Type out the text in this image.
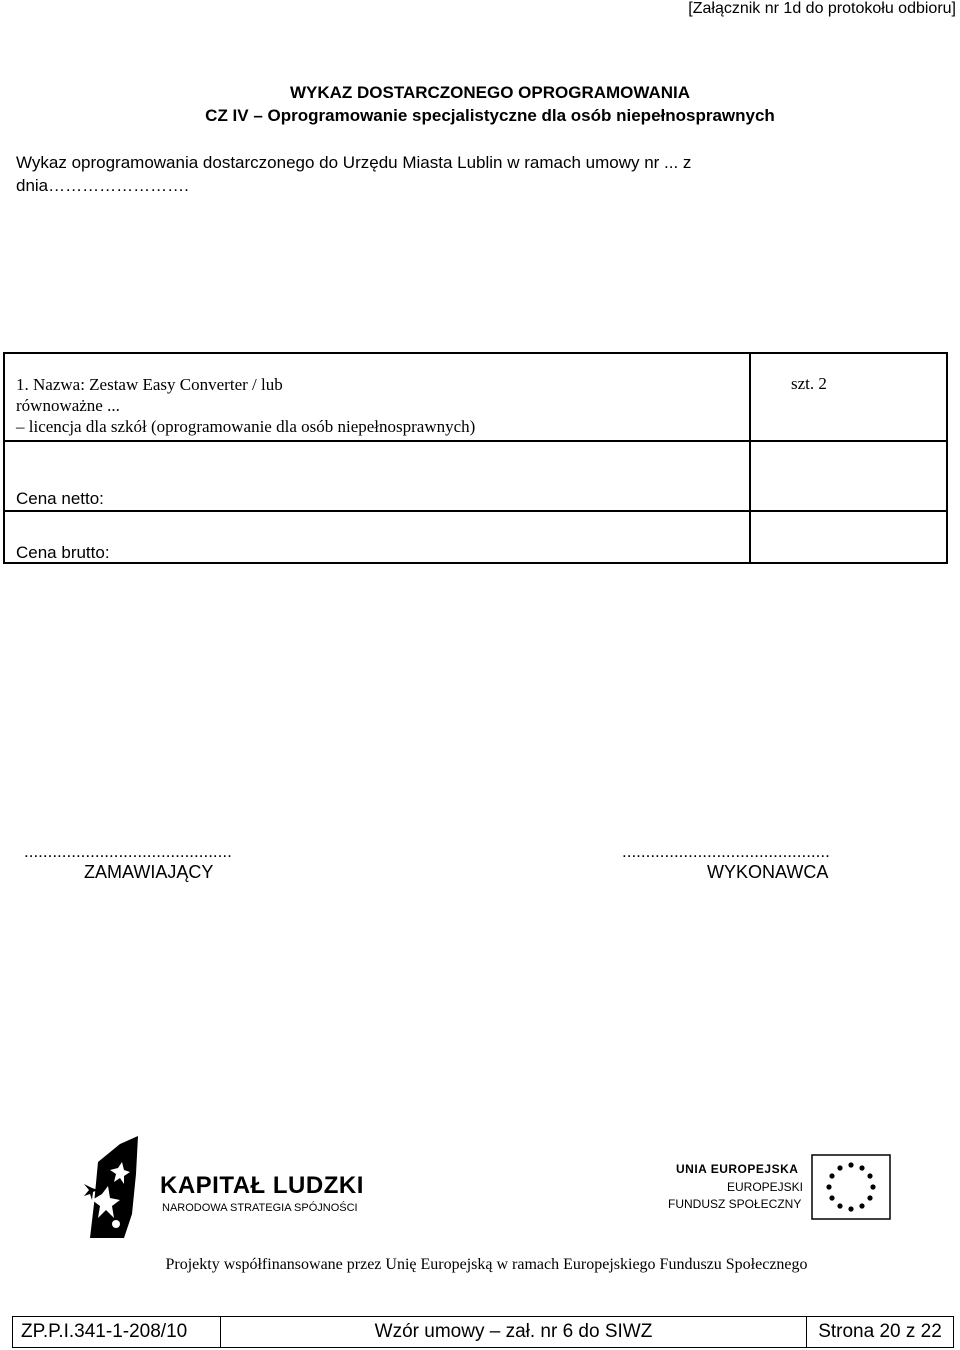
[Załącznik nr 1d do protokołu odbioru]
WYKAZ DOSTARCZONEGO OPROGRAMOWANIA
CZ IV – Oprogramowanie specjalistyczne dla osób niepełnosprawnych
Wykaz oprogramowania dostarczonego do Urzędu Miasta Lublin w ramach umowy nr ... z
dnia…………………….
1. Nazwa: Zestaw Easy Converter / lub
równoważne ...
– licencja dla szkół (oprogramowanie dla osób niepełnosprawnych)
szt. 2
Cena netto:
Cena brutto:
............................................
ZAMAWIAJĄCY
............................................
WYKONAWCA
KAPITAŁ LUDZKI
NARODOWA STRATEGIA SPÓJNOŚCI
UNIA EUROPEJSKA
EUROPEJSKI
FUNDUSZ SPOŁECZNY
Projekty współfinansowane przez Unię Europejską w ramach Europejskiego Funduszu Społecznego
ZP.P.I.341-1-208/10	Wzór umowy – zał. nr 6 do SIWZ	Strona 20 z 22
